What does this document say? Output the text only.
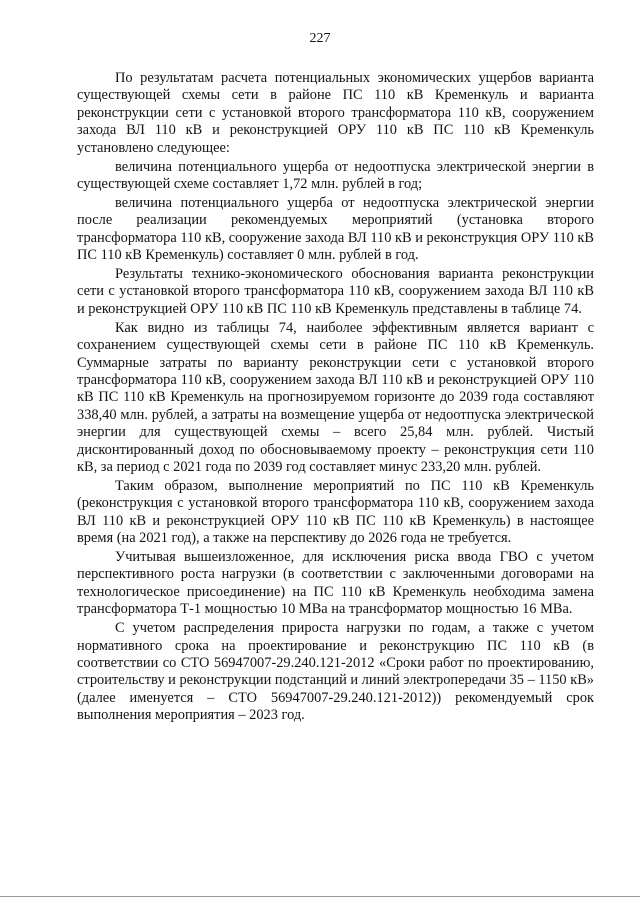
227

По результатам расчета потенциальных экономических ущербов варианта существующей схемы сети в районе ПС 110 кВ Кременкуль и варианта реконструкции сети с установкой второго трансформатора 110 кВ, сооружением захода ВЛ 110 кВ и реконструкцией ОРУ 110 кВ ПС 110 кВ Кременкуль установлено следующее:

величина потенциального ущерба от недоотпуска электрической энергии в существующей схеме составляет 1,72 млн. рублей в год;

величина потенциального ущерба от недоотпуска электрической энергии после реализации рекомендуемых мероприятий (установка второго трансформатора 110 кВ, сооружение захода ВЛ 110 кВ и реконструкция ОРУ 110 кВ ПС 110 кВ Кременкуль) составляет 0 млн. рублей в год.

Результаты технико-экономического обоснования варианта реконструкции сети с установкой второго трансформатора 110 кВ, сооружением захода ВЛ 110 кВ и реконструкцией ОРУ 110 кВ ПС 110 кВ Кременкуль представлены в таблице 74.

Как видно из таблицы 74, наиболее эффективным является вариант с сохранением существующей схемы сети в районе ПС 110 кВ Кременкуль. Суммарные затраты по варианту реконструкции сети с установкой второго трансформатора 110 кВ, сооружением захода ВЛ 110 кВ и реконструкцией ОРУ 110 кВ ПС 110 кВ Кременкуль на прогнозируемом горизонте до 2039 года составляют 338,40 млн. рублей, а затраты на возмещение ущерба от недоотпуска электрической энергии для существующей схемы – всего 25,84 млн. рублей. Чистый дисконтированный доход по обосновываемому проекту – реконструкция сети 110 кВ, за период с 2021 года по 2039 год составляет минус 233,20 млн. рублей.

Таким образом, выполнение мероприятий по ПС 110 кВ Кременкуль (реконструкция с установкой второго трансформатора 110 кВ, сооружением захода ВЛ 110 кВ и реконструкцией ОРУ 110 кВ ПС 110 кВ Кременкуль) в настоящее время (на 2021 год), а также на перспективу до 2026 года не требуется.

Учитывая вышеизложенное, для исключения риска ввода ГВО с учетом перспективного роста нагрузки (в соответствии с заключенными договорами на технологическое присоединение) на ПС 110 кВ Кременкуль необходима замена трансформатора Т-1 мощностью 10 МВа на трансформатор мощностью 16 МВа.

С учетом распределения прироста нагрузки по годам, а также с учетом нормативного срока на проектирование и реконструкцию ПС 110 кВ (в соответствии со СТО 56947007-29.240.121-2012 «Сроки работ по проектированию, строительству и реконструкции подстанций и линий электропередачи 35 – 1150 кВ» (далее именуется – СТО 56947007-29.240.121-2012)) рекомендуемый срок выполнения мероприятия – 2023 год.
